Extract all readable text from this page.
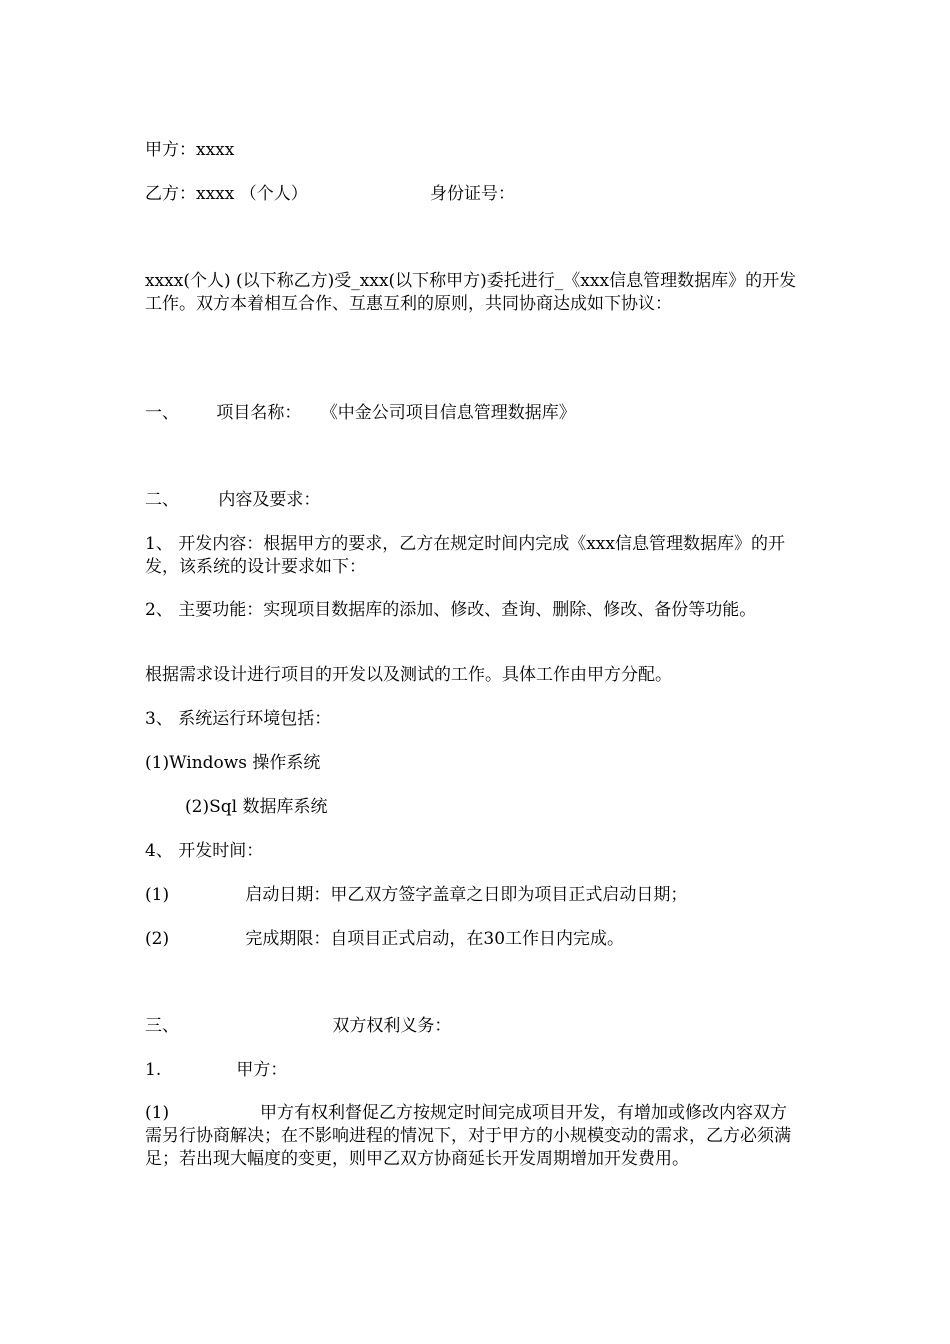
甲方：xxxx
乙方：xxxx （个人）	身份证号：
xxxx(个人) (以下称乙方)受_xxx(以下称甲方)委托进行_《xxx信息管理数据库》的开发工作。双方本着相互合作、互惠互利的原则，共同协商达成如下协议：
一、 项目名称： 《中金公司项目信息管理数据库》
二、 内容及要求：
1、 开发内容：根据甲方的要求，乙方在规定时间内完成《xxx信息管理数据库》的开发，该系统的设计要求如下：
2、 主要功能：实现项目数据库的添加、修改、查询、删除、修改、备份等功能。
根据需求设计进行项目的开发以及测试的工作。具体工作由甲方分配。
3、 系统运行环境包括：
(1)Windows 操作系统
(2)Sql 数据库系统
4、 开发时间：
(1)	启动日期：甲乙双方签字盖章之日即为项目正式启动日期；
(2)	完成期限：自项目正式启动，在30工作日内完成。
三、	双方权利义务：
1.	甲方：
(1)	甲方有权利督促乙方按规定时间完成项目开发，有增加或修改内容双方需另行协商解决；在不影响进程的情况下，对于甲方的小规模变动的需求，乙方必须满足；若出现大幅度的变更，则甲乙双方协商延长开发周期增加开发费用。
